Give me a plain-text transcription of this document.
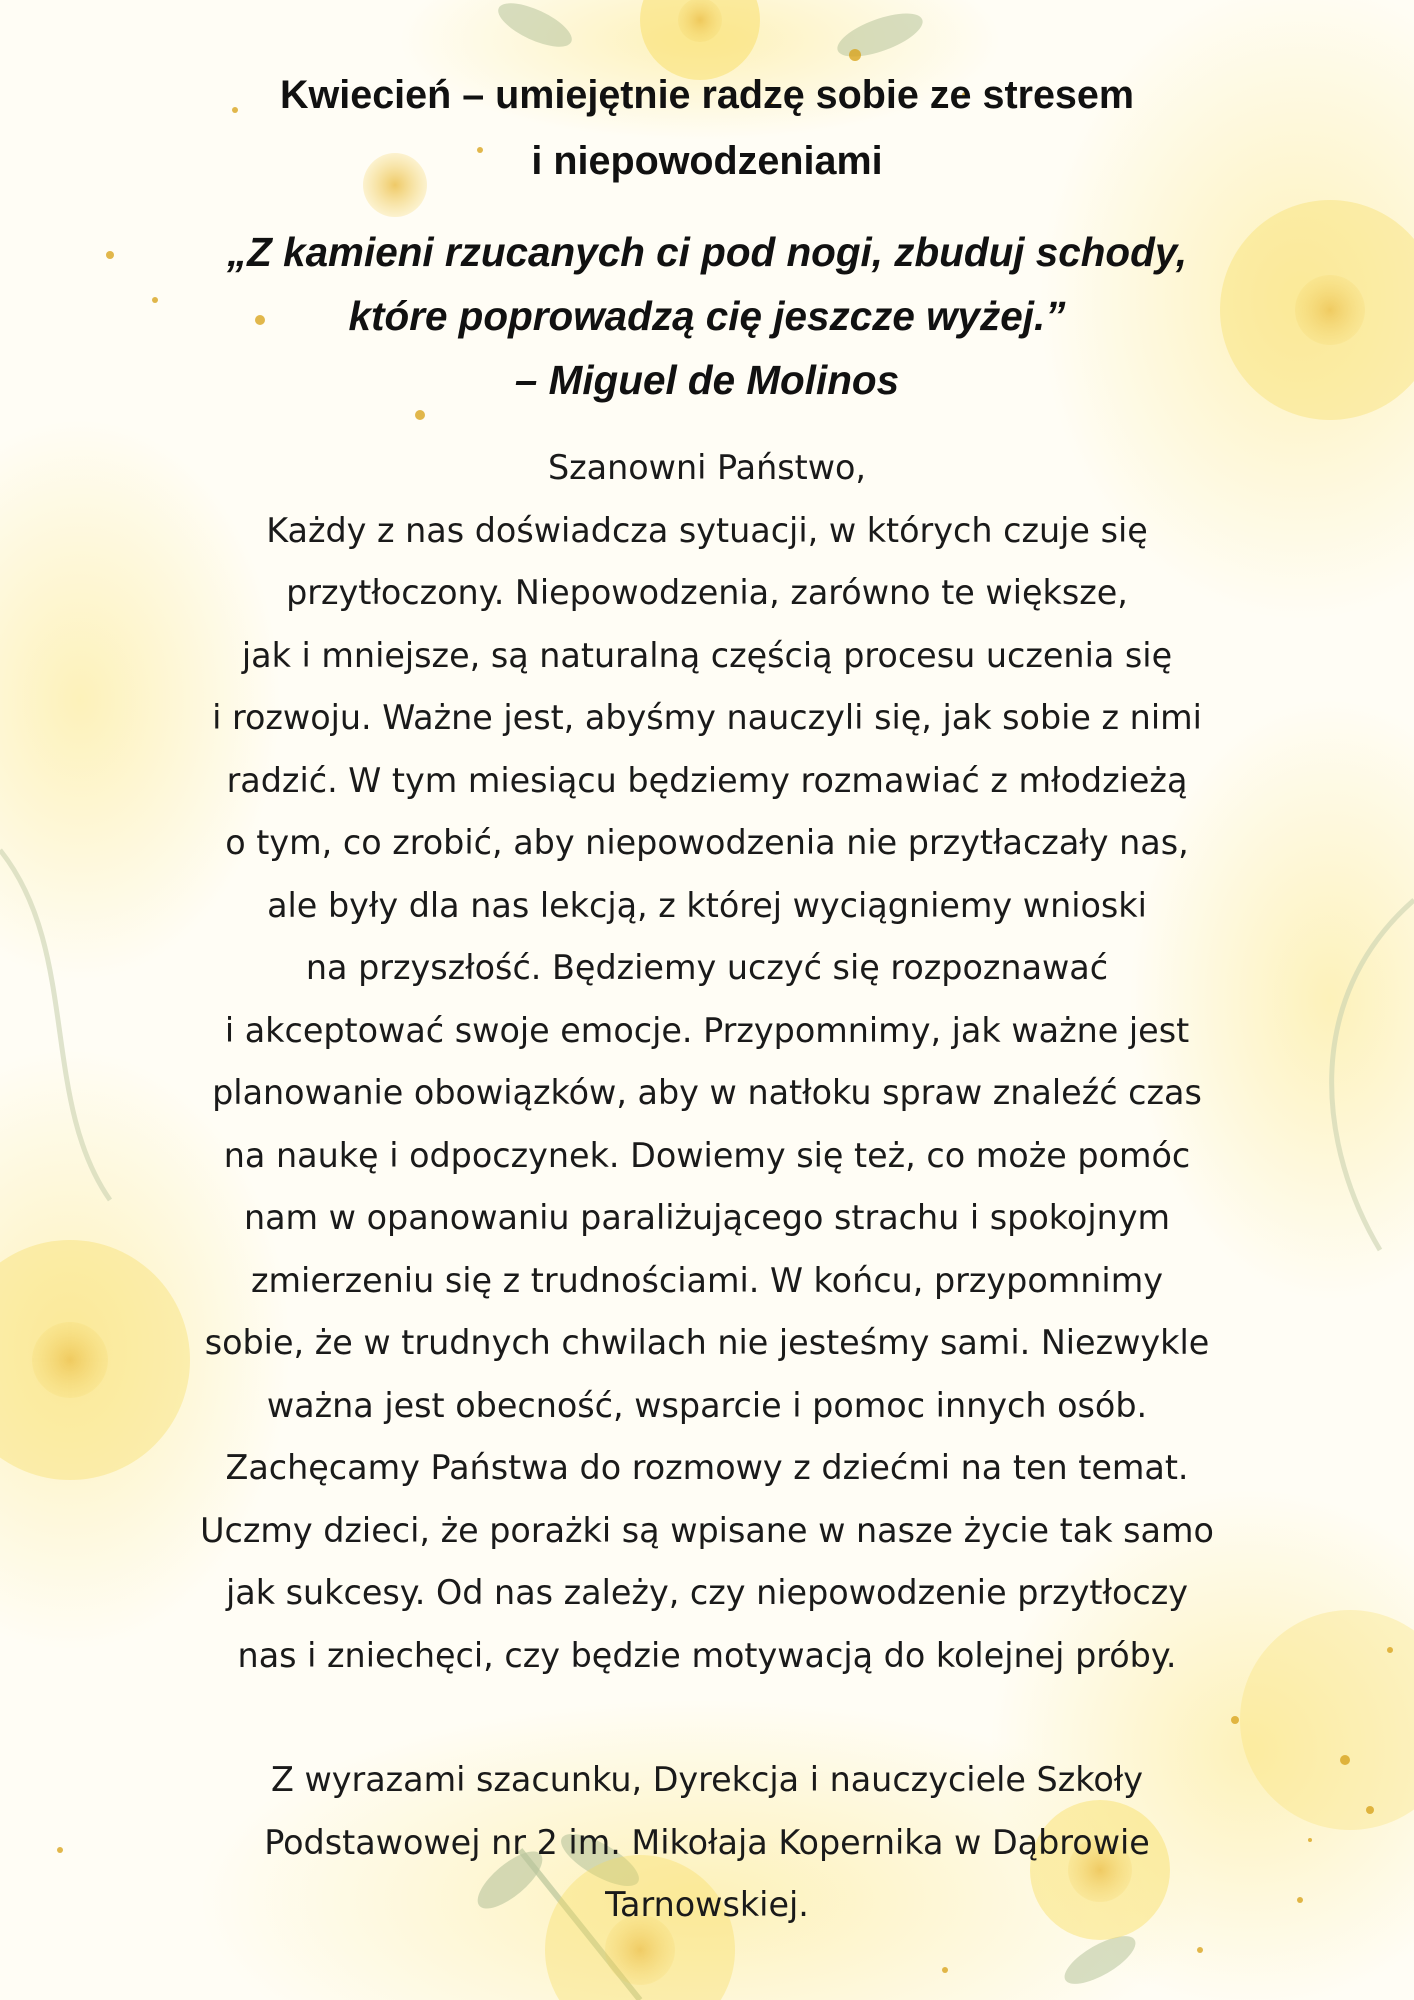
Kwiecień – umiejętnie radzę sobie ze stresem
i niepowodzeniami
„Z kamieni rzucanych ci pod nogi, zbuduj schody,
które poprowadzą cię jeszcze wyżej.”
– Miguel de Molinos
Szanowni Państwo,
Każdy z nas doświadcza sytuacji, w których czuje się
przytłoczony. Niepowodzenia, zarówno te większe,
jak i mniejsze, są naturalną częścią procesu uczenia się
i rozwoju. Ważne jest, abyśmy nauczyli się, jak sobie z nimi
radzić. W tym miesiącu będziemy rozmawiać z młodzieżą
o tym, co zrobić, aby niepowodzenia nie przytłaczały nas,
ale były dla nas lekcją, z której wyciągniemy wnioski
na przyszłość. Będziemy uczyć się rozpoznawać
i akceptować swoje emocje. Przypomnimy, jak ważne jest
planowanie obowiązków, aby w natłoku spraw znaleźć czas
na naukę i odpoczynek. Dowiemy się też, co może pomóc
nam w opanowaniu paraliżującego strachu i spokojnym
zmierzeniu się z trudnościami. W końcu, przypomnimy
sobie, że w trudnych chwilach nie jesteśmy sami. Niezwykle
ważna jest obecność, wsparcie i pomoc innych osób.
Zachęcamy Państwa do rozmowy z dziećmi na ten temat.
Uczmy dzieci, że porażki są wpisane w nasze życie tak samo
jak sukcesy. Od nas zależy, czy niepowodzenie przytłoczy
nas i zniechęci, czy będzie motywacją do kolejnej próby.
Z wyrazami szacunku, Dyrekcja i nauczyciele Szkoły
Podstawowej nr 2 im. Mikołaja Kopernika w Dąbrowie
Tarnowskiej.
